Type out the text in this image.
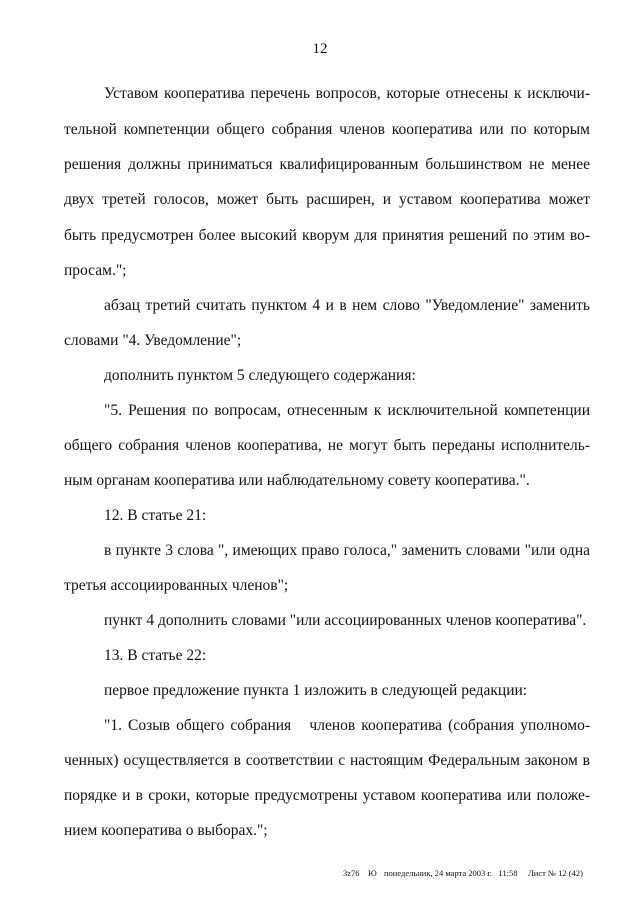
12
Уставом кооператива перечень вопросов, которые отнесены к исключи-
тельной компетенции общего собрания членов кооператива или по которым
решения должны приниматься квалифицированным большинством не менее
двух третей голосов, может быть расширен, и уставом кооператива может
быть предусмотрен более высокий кворум для принятия решений по этим во-
просам.";
абзац третий считать пунктом 4 и в нем слово "Уведомление" заменить
словами "4. Уведомление";
дополнить пунктом 5 следующего содержания:
"5. Решения по вопросам, отнесенным к исключительной компетенции
общего собрания членов кооператива, не могут быть переданы исполнитель-
ным органам кооператива или наблюдательному совету кооператива.".
12. В статье 21:
в пункте 3 слова ", имеющих право голоса," заменить словами "или одна
третья ассоциированных членов";
пункт 4 дополнить словами "или ассоциированных членов кооператива".
13. В статье 22:
первое предложение пункта 1 изложить в следующей редакции:
"1. Созыв общего собрания   членов кооператива (собрания уполномо-
ченных) осуществляется в соответствии с настоящим Федеральным законом в
порядке и в сроки, которые предусмотрены уставом кооператива или положе-
нием кооператива о выборах.";
3z76 Ю понедельник, 24 марта 2003 г.   11:58 Лист № 12 (42)
